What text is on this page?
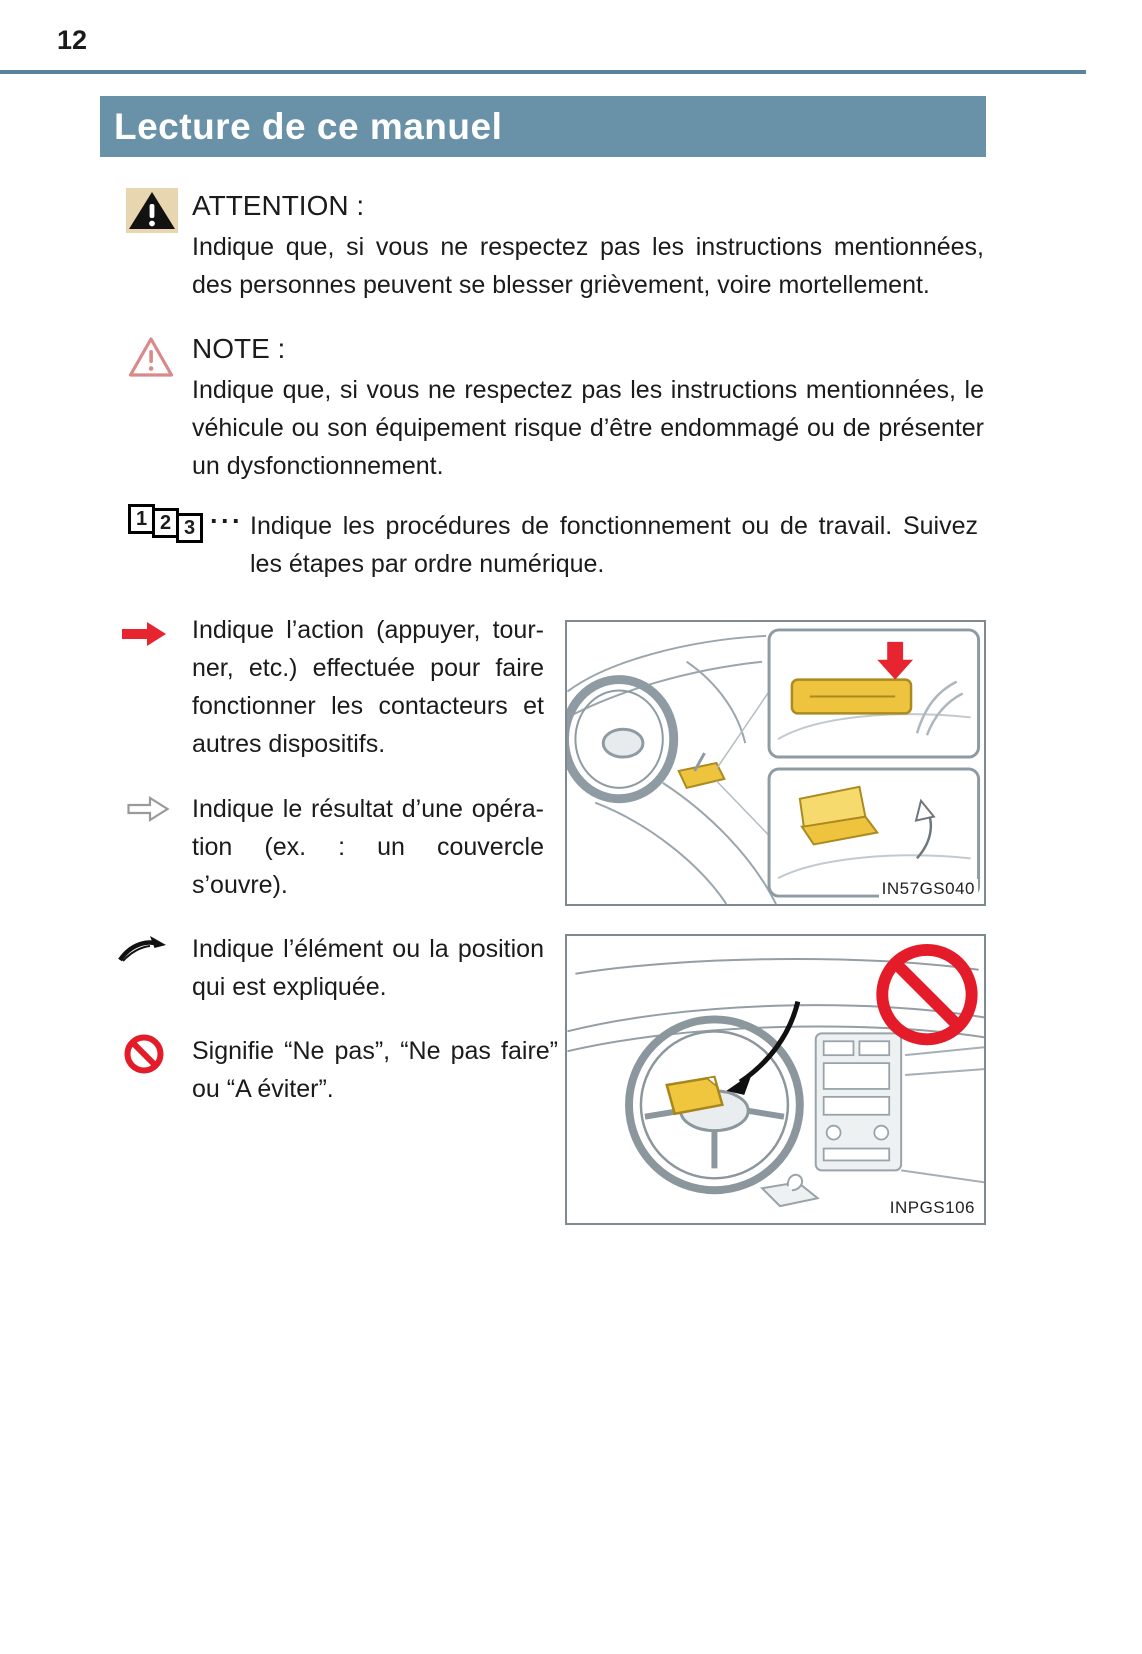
12
Lecture de ce manuel
ATTENTION :
Indique que, si vous ne respectez pas les instructions mentionnées, des personnes peuvent se blesser grièvement, voire mortellement.
NOTE :
Indique que, si vous ne respectez pas les instructions mentionnées, le véhicule ou son équipement risque d’être endommagé ou de présenter un dysfonctionnement.
1 2 3 ··· Indique les procédures de fonctionnement ou de travail. Suivez les étapes par ordre numérique.
Indique l’action (appuyer, tourner, etc.) effectuée pour faire fonctionner les contacteurs et autres dispositifs.
Indique le résultat d’une opération (ex. : un couvercle s’ouvre).	IN57GS040
Indique l’élément ou la position qui est expliquée.
Signifie “Ne pas”, “Ne pas faire” ou “A éviter”.
INPGS106
